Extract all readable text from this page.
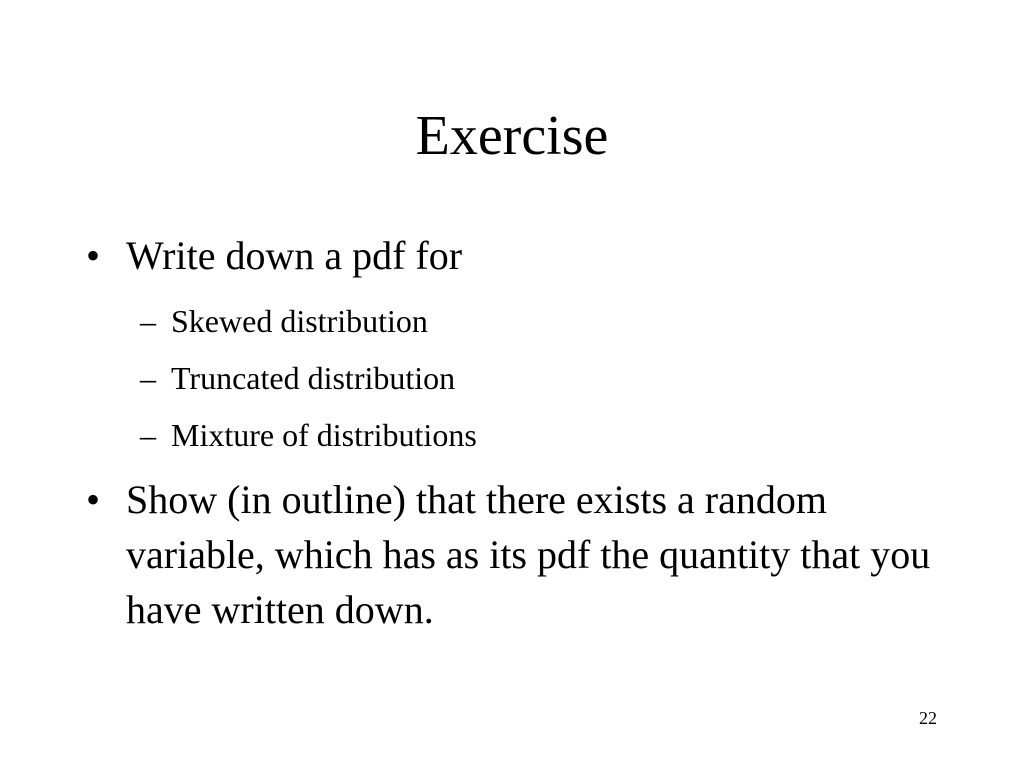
Exercise
• Write down a pdf for
– Skewed distribution
– Truncated distribution
– Mixture of distributions
• Show (in outline) that there exists a random variable, which has as its pdf the quantity that you have written down.
22
